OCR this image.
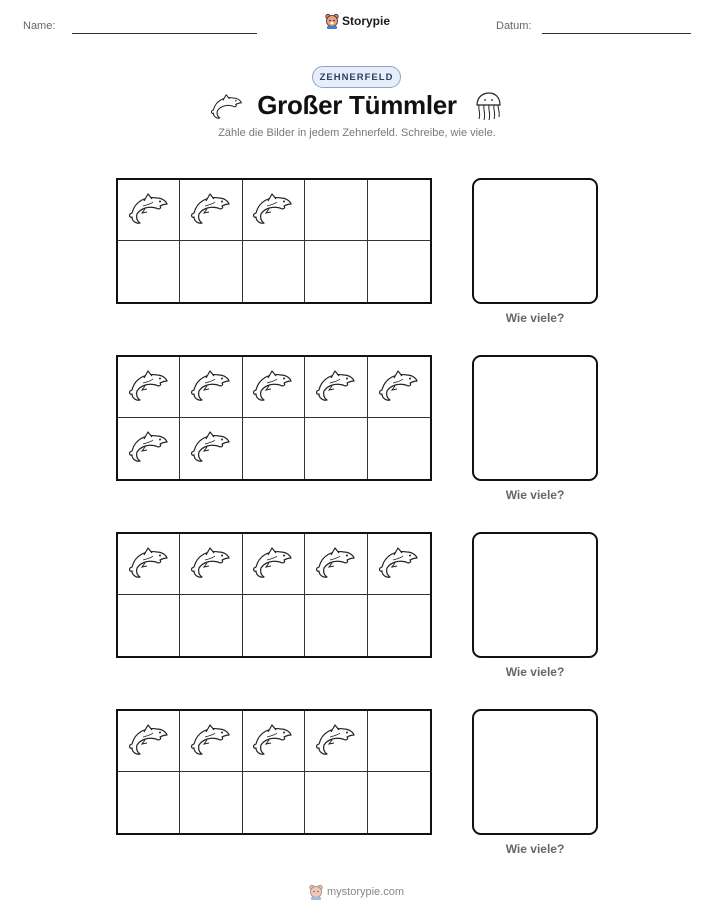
Name:	Storypie	Datum:
ZEHNERFELD
Großer Tümmler
Zähle die Bilder in jedem Zehnerfeld. Schreibe, wie viele.
Wie viele?
Wie viele?
Wie viele?
Wie viele?
mystorypie.com
